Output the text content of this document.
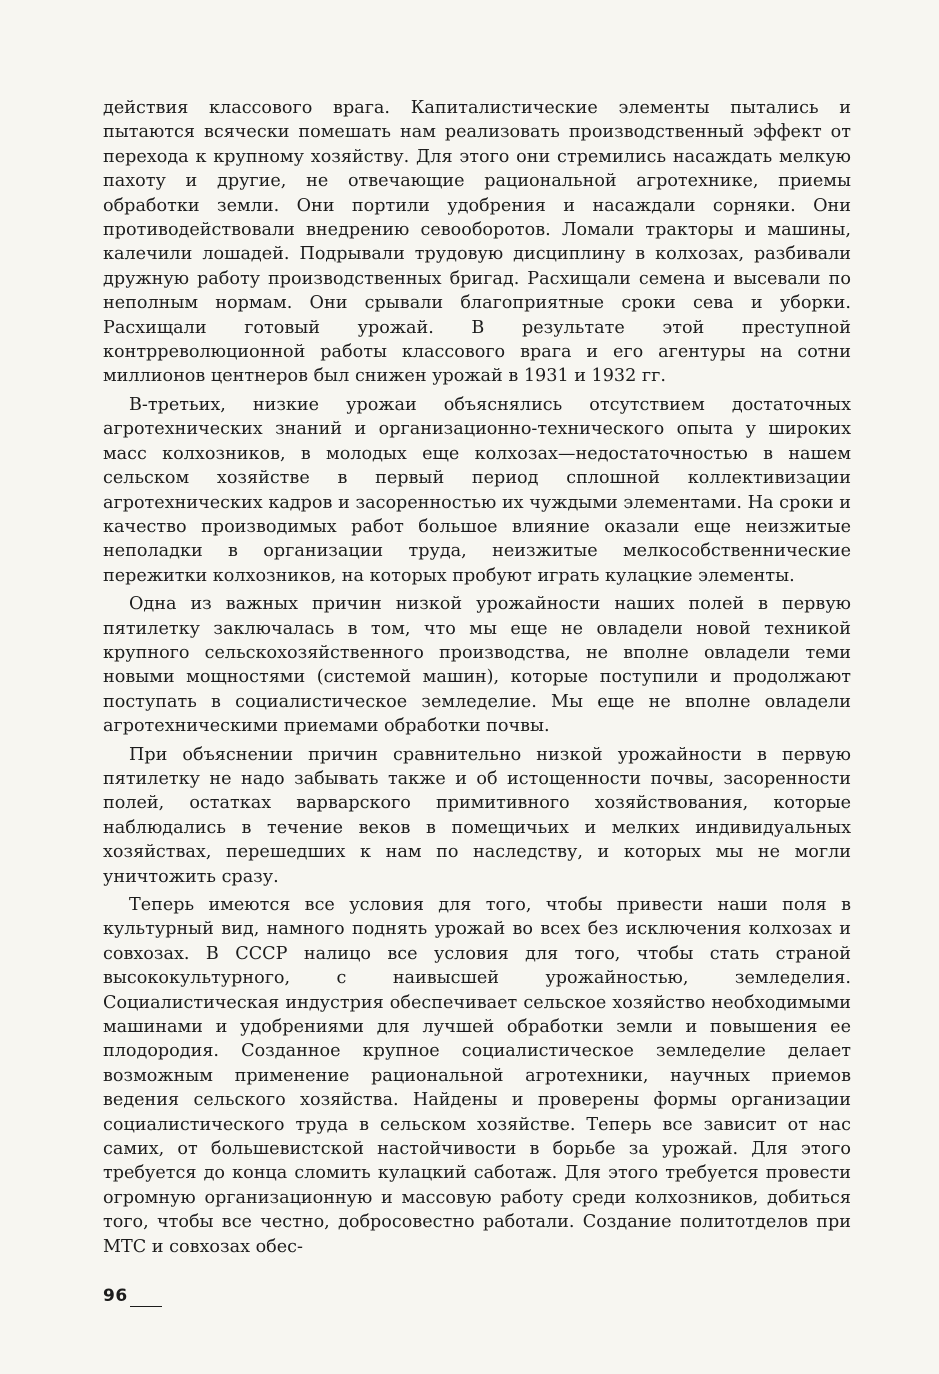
действия классового врага. Капиталистические элементы пытались и пытаются всячески помешать нам реализовать производственный эффект от перехода к крупному хозяйству. Для этого они стремились насаждать мелкую пахоту и другие, не отвечающие рациональной агротехнике, приемы обработки земли. Они портили удобрения и насаждали сорняки. Они противодействовали внедрению севооборотов. Ломали тракторы и машины, калечили лошадей. Подрывали трудовую дисциплину в колхозах, разбивали дружную работу производственных бригад. Расхищали семена и высевали по неполным нормам. Они срывали благоприятные сроки сева и уборки. Расхищали готовый урожай. В результате этой преступной контрреволюционной работы классового врага и его агентуры на сотни миллионов центнеров был снижен урожай в 1931 и 1932 гг.

В-третьих, низкие урожаи объяснялись отсутствием достаточных агротехнических знаний и организационно-технического опыта у широких масс колхозников, в молодых еще колхозах—недостаточностью в нашем сельском хозяйстве в первый период сплошной коллективизации агротехнических кадров и засоренностью их чуждыми элементами. На сроки и качество производимых работ большое влияние оказали еще неизжитые неполадки в организации труда, неизжитые мелкособственнические пережитки колхозников, на которых пробуют играть кулацкие элементы.

Одна из важных причин низкой урожайности наших полей в первую пятилетку заключалась в том, что мы еще не овладели новой техникой крупного сельскохозяйственного производства, не вполне овладели теми новыми мощностями (системой машин), которые поступили и продолжают поступать в социалистическое земледелие. Мы еще не вполне овладели агротехническими приемами обработки почвы.

При объяснении причин сравнительно низкой урожайности в первую пятилетку не надо забывать также и об истощенности почвы, засоренности полей, остатках варварского примитивного хозяйствования, которые наблюдались в течение веков в помещичьих и мелких индивидуальных хозяйствах, перешедших к нам по наследству, и которых мы не могли уничтожить сразу.

Теперь имеются все условия для того, чтобы привести наши поля в культурный вид, намного поднять урожай во всех без исключения колхозах и совхозах. В СССР налицо все условия для того, чтобы стать страной высококультурного, с наивысшей урожайностью, земледелия. Социалистическая индустрия обеспечивает сельское хозяйство необходимыми машинами и удобрениями для лучшей обработки земли и повышения ее плодородия. Созданное крупное социалистическое земледелие делает возможным применение рациональной агротехники, научных приемов ведения сельского хозяйства. Найдены и проверены формы организации социалистического труда в сельском хозяйстве. Теперь все зависит от нас самих, от большевистской настойчивости в борьбе за урожай. Для этого требуется до конца сломить кулацкий саботаж. Для этого требуется провести огромную организационную и массовую работу среди колхозников, добиться того, чтобы все честно, добросовестно работали. Создание политотделов при МТС и совхозах обес-

96
